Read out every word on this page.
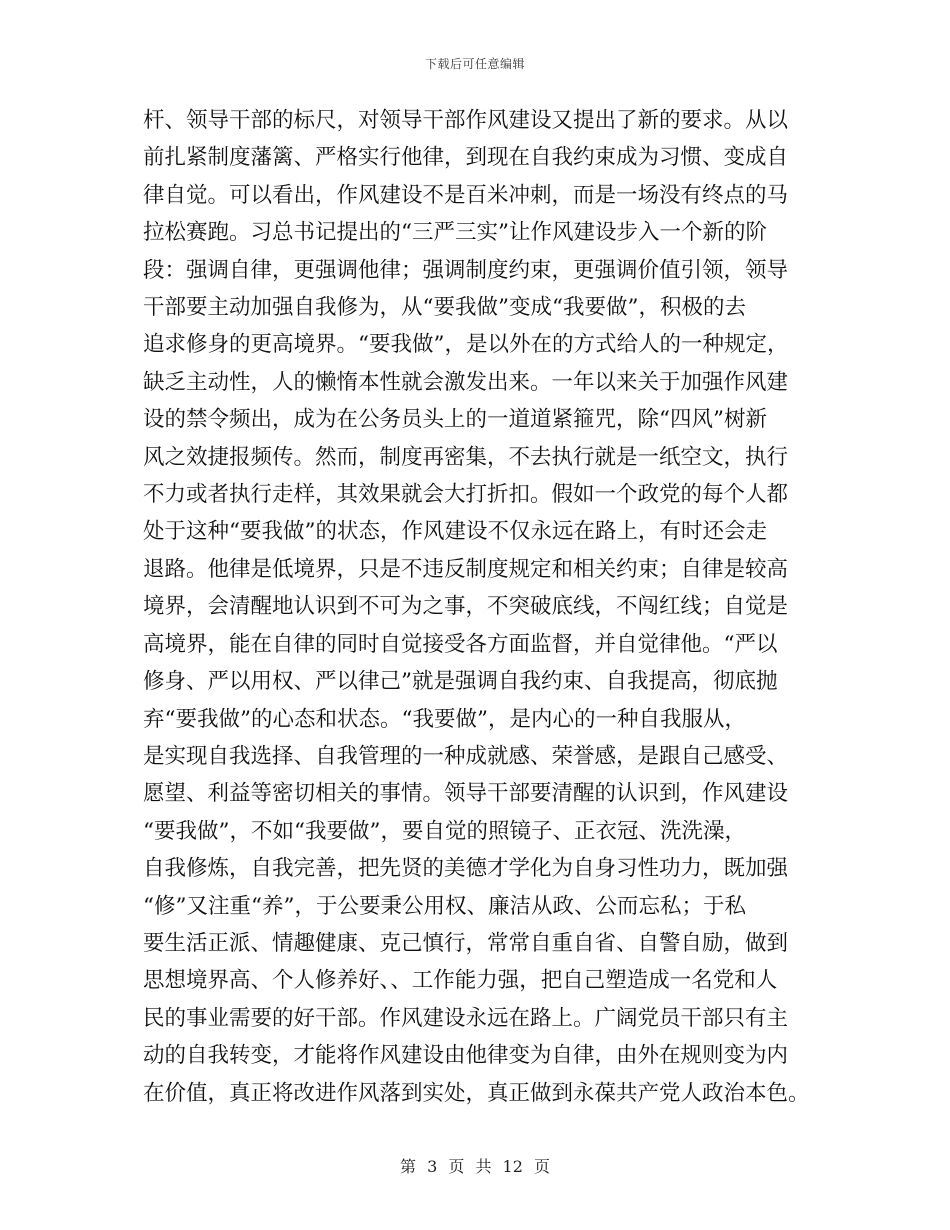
下载后可任意编辑
杆、领导干部的标尺，对领导干部作风建设又提出了新的要求。从以
前扎紧制度藩篱、严格实行他律，到现在自我约束成为习惯、变成自
律自觉。可以看出，作风建设不是百米冲刺，而是一场没有终点的马
拉松赛跑。习总书记提出的“三严三实”让作风建设步入一个新的阶
段：强调自律，更强调他律；强调制度约束，更强调价值引领，领导
干部要主动加强自我修为，从“要我做”变成“我要做”，积极的去
追求修身的更高境界。“要我做”，是以外在的方式给人的一种规定，
缺乏主动性，人的懒惰本性就会激发出来。一年以来关于加强作风建
设的禁令频出，成为在公务员头上的一道道紧箍咒，除“四风”树新
风之效捷报频传。然而，制度再密集，不去执行就是一纸空文，执行
不力或者执行走样，其效果就会大打折扣。假如一个政党的每个人都
处于这种“要我做”的状态，作风建设不仅永远在路上，有时还会走
退路。他律是低境界，只是不违反制度规定和相关约束；自律是较高
境界，会清醒地认识到不可为之事，不突破底线，不闯红线；自觉是
高境界，能在自律的同时自觉接受各方面监督，并自觉律他。“严以
修身、严以用权、严以律己”就是强调自我约束、自我提高，彻底抛
弃“要我做”的心态和状态。“我要做”，是内心的一种自我服从，
是实现自我选择、自我管理的一种成就感、荣誉感，是跟自己感受、
愿望、利益等密切相关的事情。领导干部要清醒的认识到，作风建设
“要我做”，不如“我要做”，要自觉的照镜子、正衣冠、洗洗澡，
自我修炼，自我完善，把先贤的美德才学化为自身习性功力，既加强
“修”又注重“养”，于公要秉公用权、廉洁从政、公而忘私；于私
要生活正派、情趣健康、克己慎行，常常自重自省、自警自励，做到
思想境界高、个人修养好、、工作能力强，把自己塑造成一名党和人
民的事业需要的好干部。作风建设永远在路上。广阔党员干部只有主
动的自我转变，才能将作风建设由他律变为自律，由外在规则变为内
在价值，真正将改进作风落到实处，真正做到永葆共产党人政治本色。
第 3 页 共 12 页
